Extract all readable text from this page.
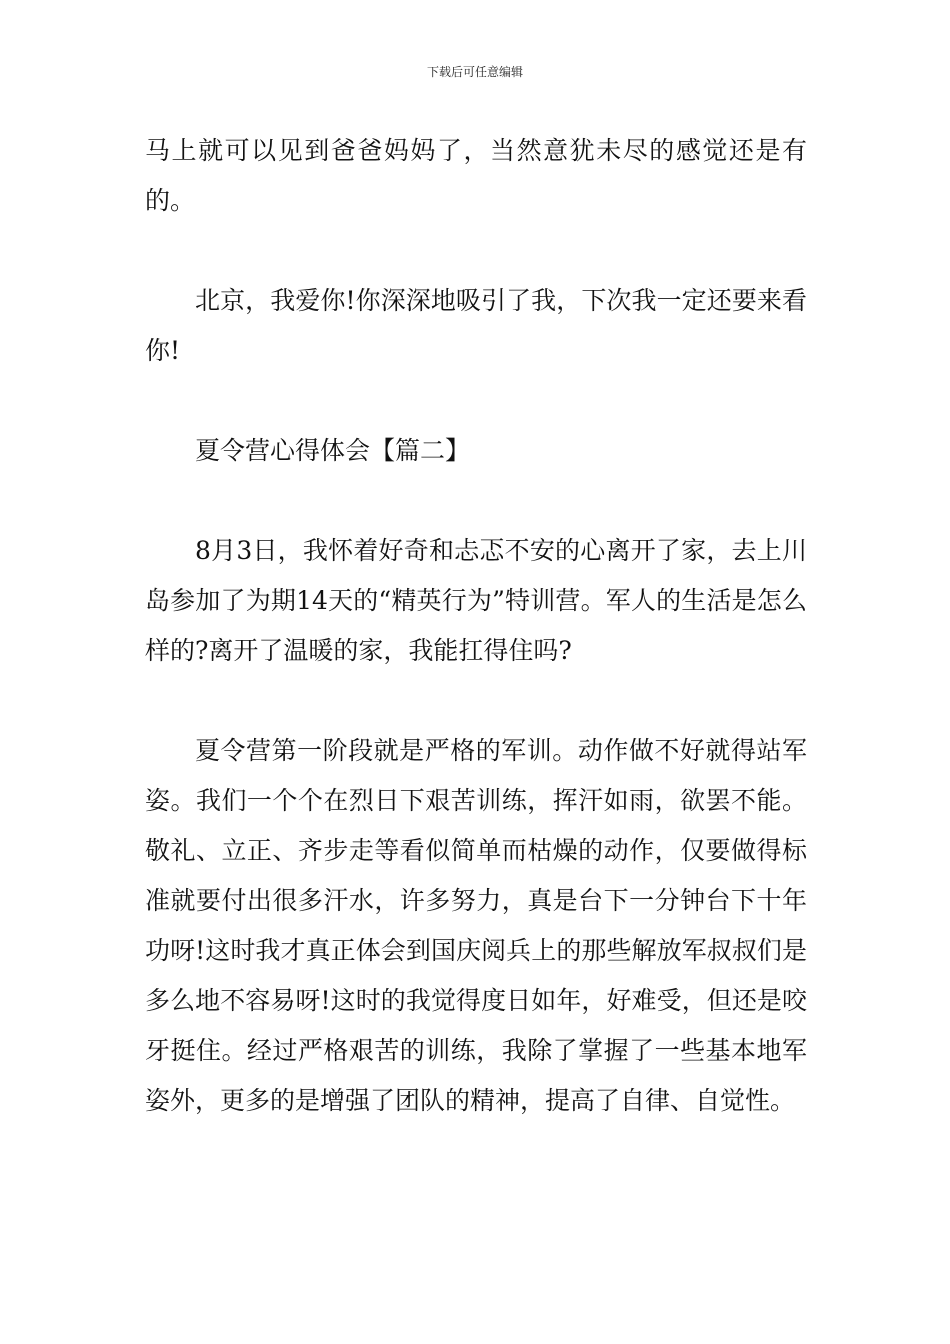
下载后可任意编辑

马上就可以见到爸爸妈妈了，当然意犹未尽的感觉还是有的。

北京，我爱你!你深深地吸引了我，下次我一定还要来看你!

夏令营心得体会【篇二】

8月3日，我怀着好奇和忐忑不安的心离开了家，去上川岛参加了为期14天的“精英行为”特训营。军人的生活是怎么样的?离开了温暖的家，我能扛得住吗?

夏令营第一阶段就是严格的军训。动作做不好就得站军姿。我们一个个在烈日下艰苦训练，挥汗如雨，欲罢不能。敬礼、立正、齐步走等看似简单而枯燥的动作，仅要做得标准就要付出很多汗水，许多努力，真是台下一分钟台下十年功呀!这时我才真正体会到国庆阅兵上的那些解放军叔叔们是多么地不容易呀!这时的我觉得度日如年，好难受，但还是咬牙挺住。经过严格艰苦的训练，我除了掌握了一些基本地军姿外，更多的是增强了团队的精神，提高了自律、自觉性。
